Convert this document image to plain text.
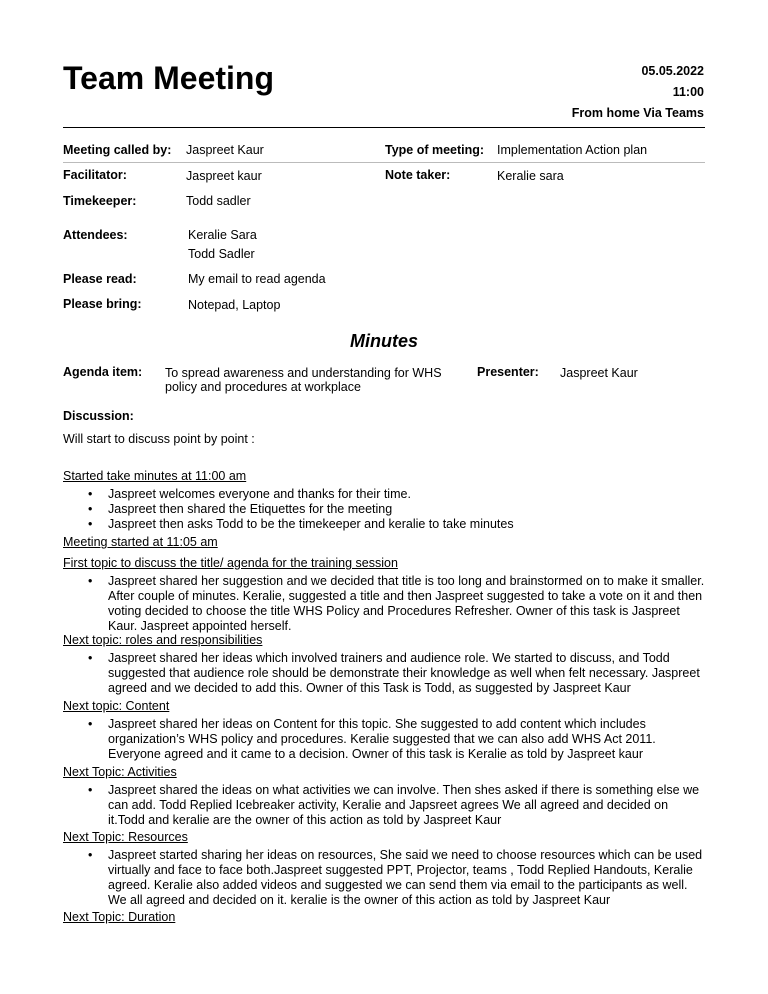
Team Meeting	05.05.2022
11:00
From home Via Teams
Meeting called by: Jaspreet Kaur	Type of meeting: Implementation Action plan
Facilitator:	Jaspreet kaur	Note taker:	Keralie sara
Timekeeper:	Todd sadler
Attendees:	Keralie Sara
Todd Sadler
Please read:	My email to read agenda
Please bring:	Notepad, Laptop
Minutes
Agenda item: To spread awareness and understanding for WHS policy and procedures at workplace
Presenter: Jaspreet Kaur
Discussion:
Will start to discuss point by point :
Started take minutes at 11:00 am
• Jaspreet welcomes everyone and thanks for their time.
• Jaspreet then shared the Etiquettes for the meeting
• Jaspreet then asks Todd to be the timekeeper and keralie to take minutes
Meeting started at 11:05 am
First topic to discuss the title/ agenda for the training session
• Jaspreet shared her suggestion and we decided that title is too long and brainstormed on to make it smaller. After couple of minutes. Keralie, suggested a title and then Jaspreet suggested to take a vote on it and then voting decided to choose the title WHS Policy and Procedures Refresher. Owner of this task is Jaspreet Kaur. Jaspreet appointed herself.
Next topic: roles and responsibilities
• Jaspreet shared her ideas which involved trainers and audience role. We started to discuss, and Todd suggested that audience role should be demonstrate their knowledge as well when felt necessary. Jaspreet agreed and we decided to add this. Owner of this Task is Todd, as suggested by Jaspreet Kaur
Next topic: Content
• Jaspreet shared her ideas on Content for this topic. She suggested to add content which includes organization’s WHS policy and procedures. Keralie suggested that we can also add WHS Act 2011. Everyone agreed and it came to a decision. Owner of this task is Keralie as told by Jaspreet kaur
Next Topic: Activities
• Jaspreet shared the ideas on what activities we can involve. Then shes asked if there is something else we can add. Todd Replied Icebreaker activity, Keralie and Japsreet agrees We all agreed and decided on it.Todd and keralie are the owner of this action as told by Jaspreet Kaur
Next Topic: Resources
• Jaspreet started sharing her ideas on resources, She said we need to choose resources which can be used virtually and face to face both.Jaspreet suggested PPT, Projector, teams , Todd Replied Handouts, Keralie agreed. Keralie also added videos and suggested we can send them via email to the participants as well. We all agreed and decided on it. keralie is the owner of this action as told by Jaspreet Kaur
Next Topic: Duration
